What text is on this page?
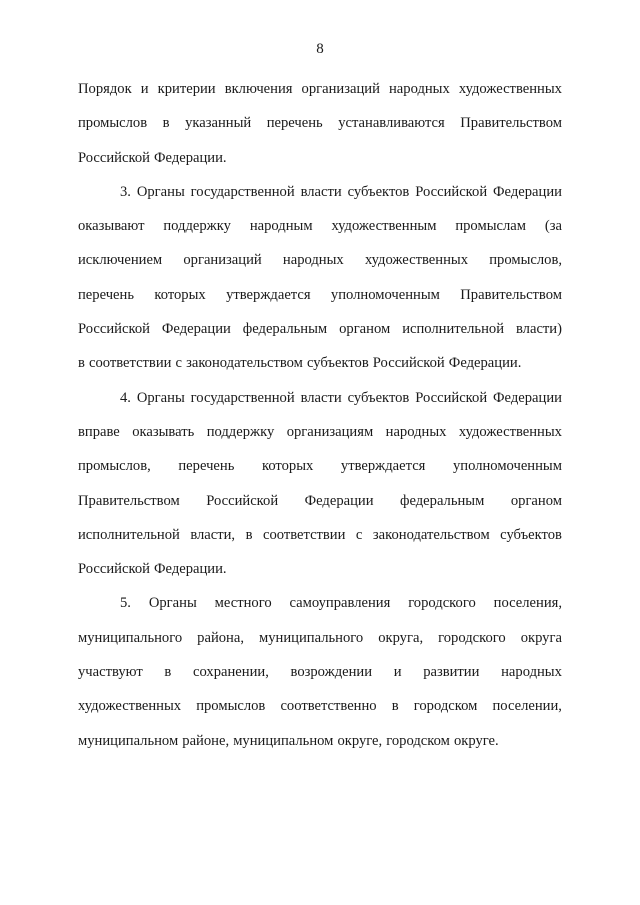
8
Порядок и критерии включения организаций народных художественных
промыслов в указанный перечень устанавливаются Правительством
Российской Федерации.
3. Органы государственной власти субъектов Российской Федерации
оказывают поддержку народным художественным промыслам (за
исключением организаций народных художественных промыслов,
перечень которых утверждается уполномоченным Правительством
Российской Федерации федеральным органом исполнительной власти)
в соответствии с законодательством субъектов Российской Федерации.
4. Органы государственной власти субъектов Российской Федерации
вправе оказывать поддержку организациям народных художественных
промыслов, перечень которых утверждается уполномоченным
Правительством Российской Федерации федеральным органом
исполнительной власти, в соответствии с законодательством субъектов
Российской Федерации.
5. Органы местного самоуправления городского поселения,
муниципального района, муниципального округа, городского округа
участвуют в сохранении, возрождении и развитии народных
художественных промыслов соответственно в городском поселении,
муниципальном районе, муниципальном округе, городском округе.
